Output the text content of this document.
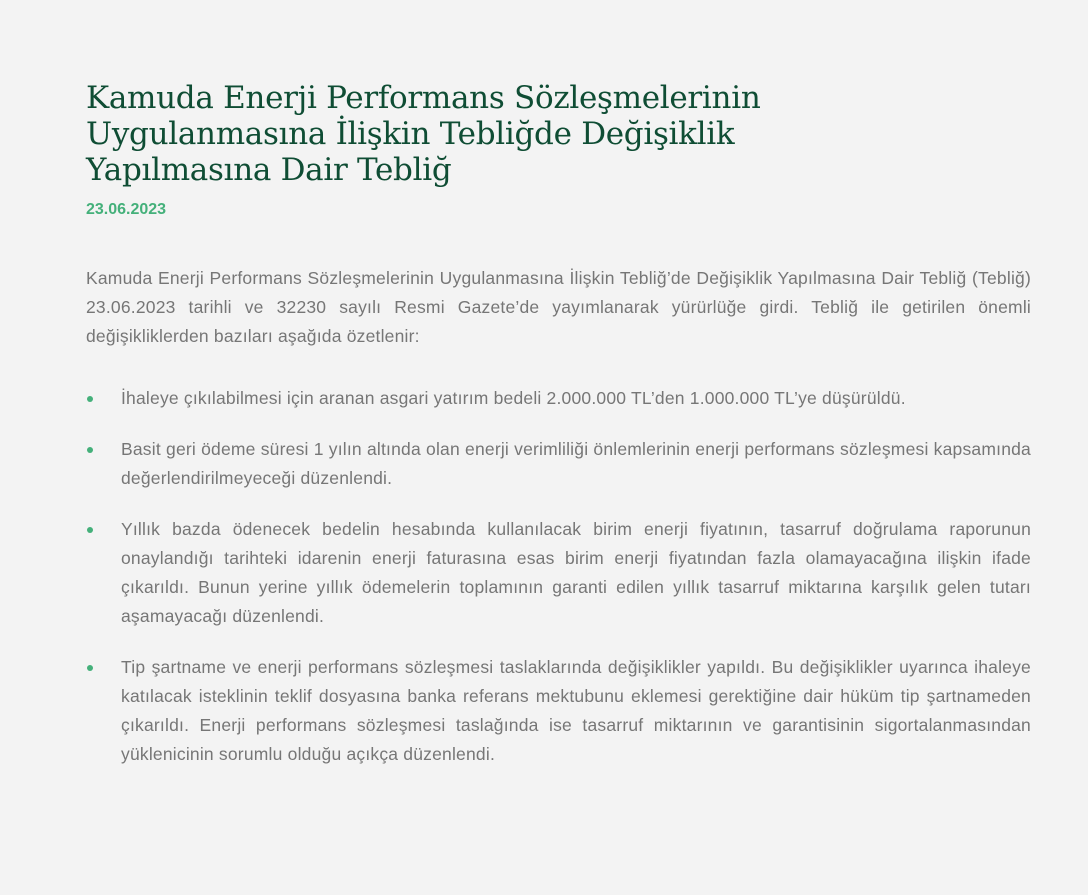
Kamuda Enerji Performans Sözleşmelerinin Uygulanmasına İlişkin Tebliğde Değişiklik Yapılmasına Dair Tebliğ
23.06.2023

Kamuda Enerji Performans Sözleşmelerinin Uygulanmasına İlişkin Tebliğ’de Değişiklik Yapılmasına Dair Tebliğ (Tebliğ) 23.06.2023 tarihli ve 32230 sayılı Resmi Gazete’de yayımlanarak yürürlüğe girdi. Tebliğ ile getirilen önemli değişikliklerden bazıları aşağıda özetlenir:

İhaleye çıkılabilmesi için aranan asgari yatırım bedeli 2.000.000 TL’den 1.000.000 TL’ye düşürüldü.
Basit geri ödeme süresi 1 yılın altında olan enerji verimliliği önlemlerinin enerji performans sözleşmesi kapsamında değerlendirilmeyeceği düzenlendi.
Yıllık bazda ödenecek bedelin hesabında kullanılacak birim enerji fiyatının, tasarruf doğrulama raporunun onaylandığı tarihteki idarenin enerji faturasına esas birim enerji fiyatından fazla olamayacağına ilişkin ifade çıkarıldı. Bunun yerine yıllık ödemelerin toplamının garanti edilen yıllık tasarruf miktarına karşılık gelen tutarı aşamayacağı düzenlendi.
Tip şartname ve enerji performans sözleşmesi taslaklarında değişiklikler yapıldı. Bu değişiklikler uyarınca ihaleye katılacak isteklinin teklif dosyasına banka referans mektubunu eklemesi gerektiğine dair hüküm tip şartnameden çıkarıldı. Enerji performans sözleşmesi taslağında ise tasarruf miktarının ve garantisinin sigortalanmasından yüklenicinin sorumlu olduğu açıkça düzenlendi.
